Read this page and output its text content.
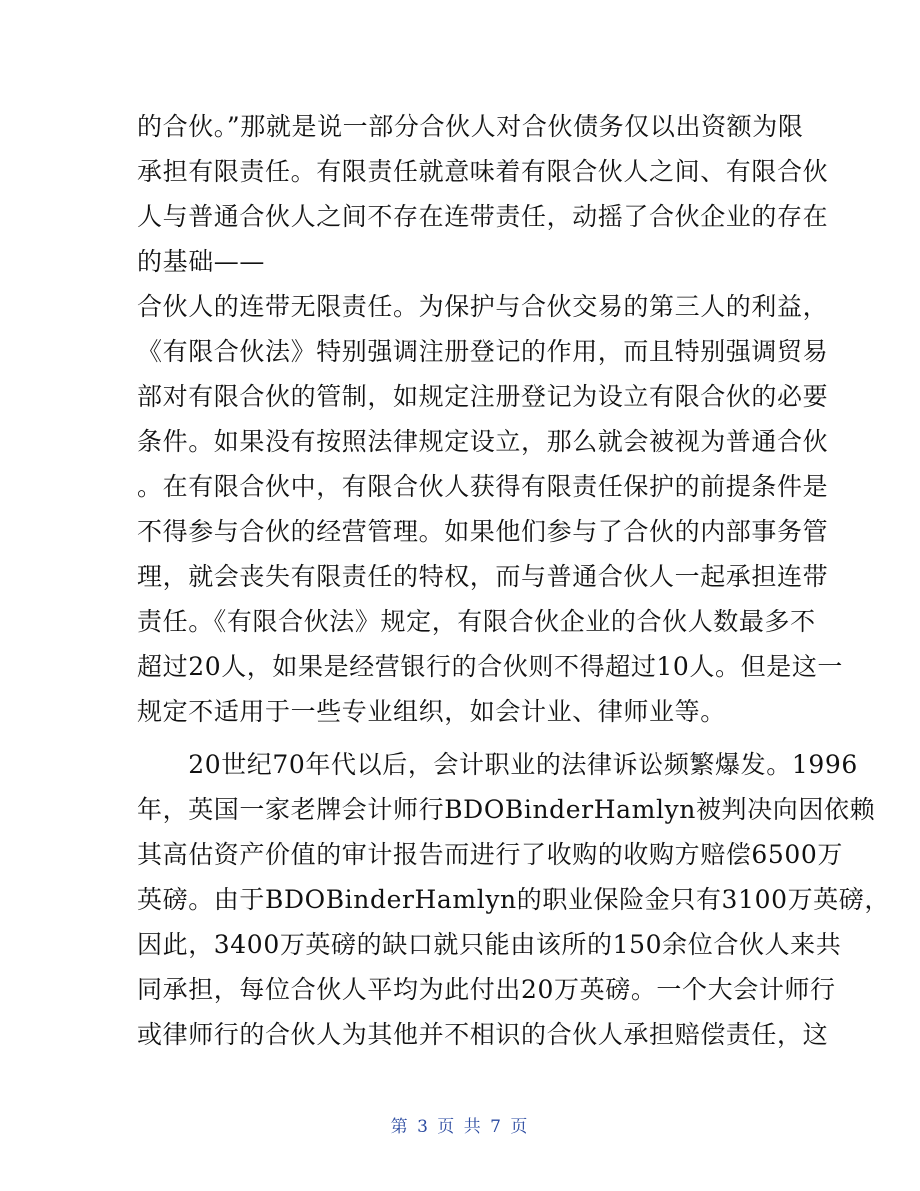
的合伙。”那就是说一部分合伙人对合伙债务仅以出资额为限
承担有限责任。有限责任就意味着有限合伙人之间、有限合伙
人与普通合伙人之间不存在连带责任，动摇了合伙企业的存在
的基础——
合伙人的连带无限责任。为保护与合伙交易的第三人的利益，
《有限合伙法》特别强调注册登记的作用，而且特别强调贸易
部对有限合伙的管制，如规定注册登记为设立有限合伙的必要
条件。如果没有按照法律规定设立，那么就会被视为普通合伙
。在有限合伙中，有限合伙人获得有限责任保护的前提条件是
不得参与合伙的经营管理。如果他们参与了合伙的内部事务管
理，就会丧失有限责任的特权，而与普通合伙人一起承担连带
责任。《有限合伙法》规定，有限合伙企业的合伙人数最多不
超过20人，如果是经营银行的合伙则不得超过10人。但是这一
规定不适用于一些专业组织，如会计业、律师业等。
　　20世纪70年代以后，会计职业的法律诉讼频繁爆发。1996
年，英国一家老牌会计师行BDOBinderHamlyn被判决向因依赖
其高估资产价值的审计报告而进行了收购的收购方赔偿6500万
英磅。由于BDOBinderHamlyn的职业保险金只有3100万英磅，
因此，3400万英磅的缺口就只能由该所的150余位合伙人来共
同承担，每位合伙人平均为此付出20万英磅。一个大会计师行
或律师行的合伙人为其他并不相识的合伙人承担赔偿责任，这
第 3 页 共 7 页
